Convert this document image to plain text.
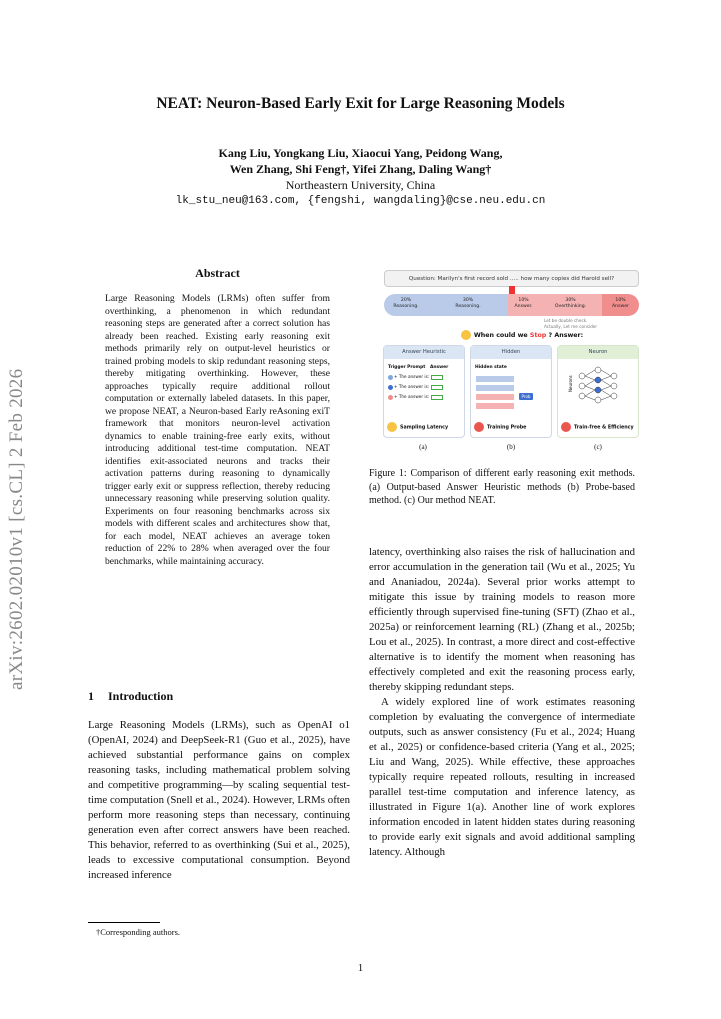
NEAT: Neuron-Based Early Exit for Large Reasoning Models
Kang Liu, Yongkang Liu, Xiaocui Yang, Peidong Wang,
Wen Zhang, Shi Feng†, Yifei Zhang, Daling Wang†
Northeastern University, China
lk_stu_neu@163.com, {fengshi, wangdaling}@cse.neu.edu.cn
arXiv:2602.02010v1 [cs.CL] 2 Feb 2026
Abstract

Large Reasoning Models (LRMs) often suffer from overthinking, a phenomenon in which redundant reasoning steps are generated after a correct solution has already been reached. Existing early reasoning exit methods primarily rely on output-level heuristics or trained probing models to skip redundant reasoning steps, thereby mitigating overthinking. However, these approaches typically require additional rollout computation or externally labeled datasets. In this paper, we propose NEAT, a Neuron-based Early reAsoning exiT framework that monitors neuron-level activation dynamics to enable training-free early exits, without introducing additional test-time computation. NEAT identifies exit-associated neurons and tracks their activation patterns during reasoning to dynamically trigger early exit or suppress reflection, thereby reducing unnecessary reasoning while preserving solution quality. Experiments on four reasoning benchmarks across six models with different scales and architectures show that, for each model, NEAT achieves an average token reduction of 22% to 28% when averaged over the four benchmarks, while maintaining accuracy.

Question: Marilyn's first record sold ..... how many copies did Harold sell?
20%
Reasoning.
30%
Reasoning.
10%
Answer.
30%
Overthinking.
10%
Answer
Let be double check.
Actually, Let me consider
When could we Stop ? Answer:
Answer Heuristic
Trigger Prompt Answer
+ The answer is:
+ The answer is:
+ The answer is:
Sampling Latency
Hidden
Hidden state
Prob
Training Probe
Neuron
Neurons
Train-free & Efficiency
(a)	(b)	(c)
Figure 1: Comparison of different early reasoning exit methods. (a) Output-based Answer Heuristic methods (b) Probe-based method. (c) Our method NEAT.
1 Introduction

Large Reasoning Models (LRMs), such as OpenAI o1 (OpenAI, 2024) and DeepSeek-R1 (Guo et al., 2025), have achieved substantial performance gains on complex reasoning tasks, including mathematical problem solving and competitive programming—by scaling sequential test-time computation (Snell et al., 2024). However, LRMs often perform more reasoning steps than necessary, continuing generation even after correct answers have been reached. This behavior, referred to as overthinking (Sui et al., 2025), leads to excessive computational consumption. Beyond increased inference

latency, overthinking also raises the risk of hallucination and error accumulation in the generation tail (Wu et al., 2025; Yu and Ananiadou, 2024a). Several prior works attempt to mitigate this issue by training models to reason more efficiently through supervised fine-tuning (SFT) (Zhao et al., 2025a) or reinforcement learning (RL) (Zhang et al., 2025b; Lou et al., 2025). In contrast, a more direct and cost-effective alternative is to identify the moment when reasoning has effectively completed and exit the reasoning process early, thereby skipping redundant steps.

A widely explored line of work estimates reasoning completion by evaluating the convergence of intermediate outputs, such as answer consistency (Fu et al., 2024; Huang et al., 2025) or confidence-based criteria (Yang et al., 2025; Liu and Wang, 2025). While effective, these approaches typically require repeated rollouts, resulting in increased parallel test-time computation and inference latency, as illustrated in Figure 1(a). Another line of work explores information encoded in latent hidden states during reasoning to provide early exit signals and avoid additional sampling latency. Although

†Corresponding authors.
1
